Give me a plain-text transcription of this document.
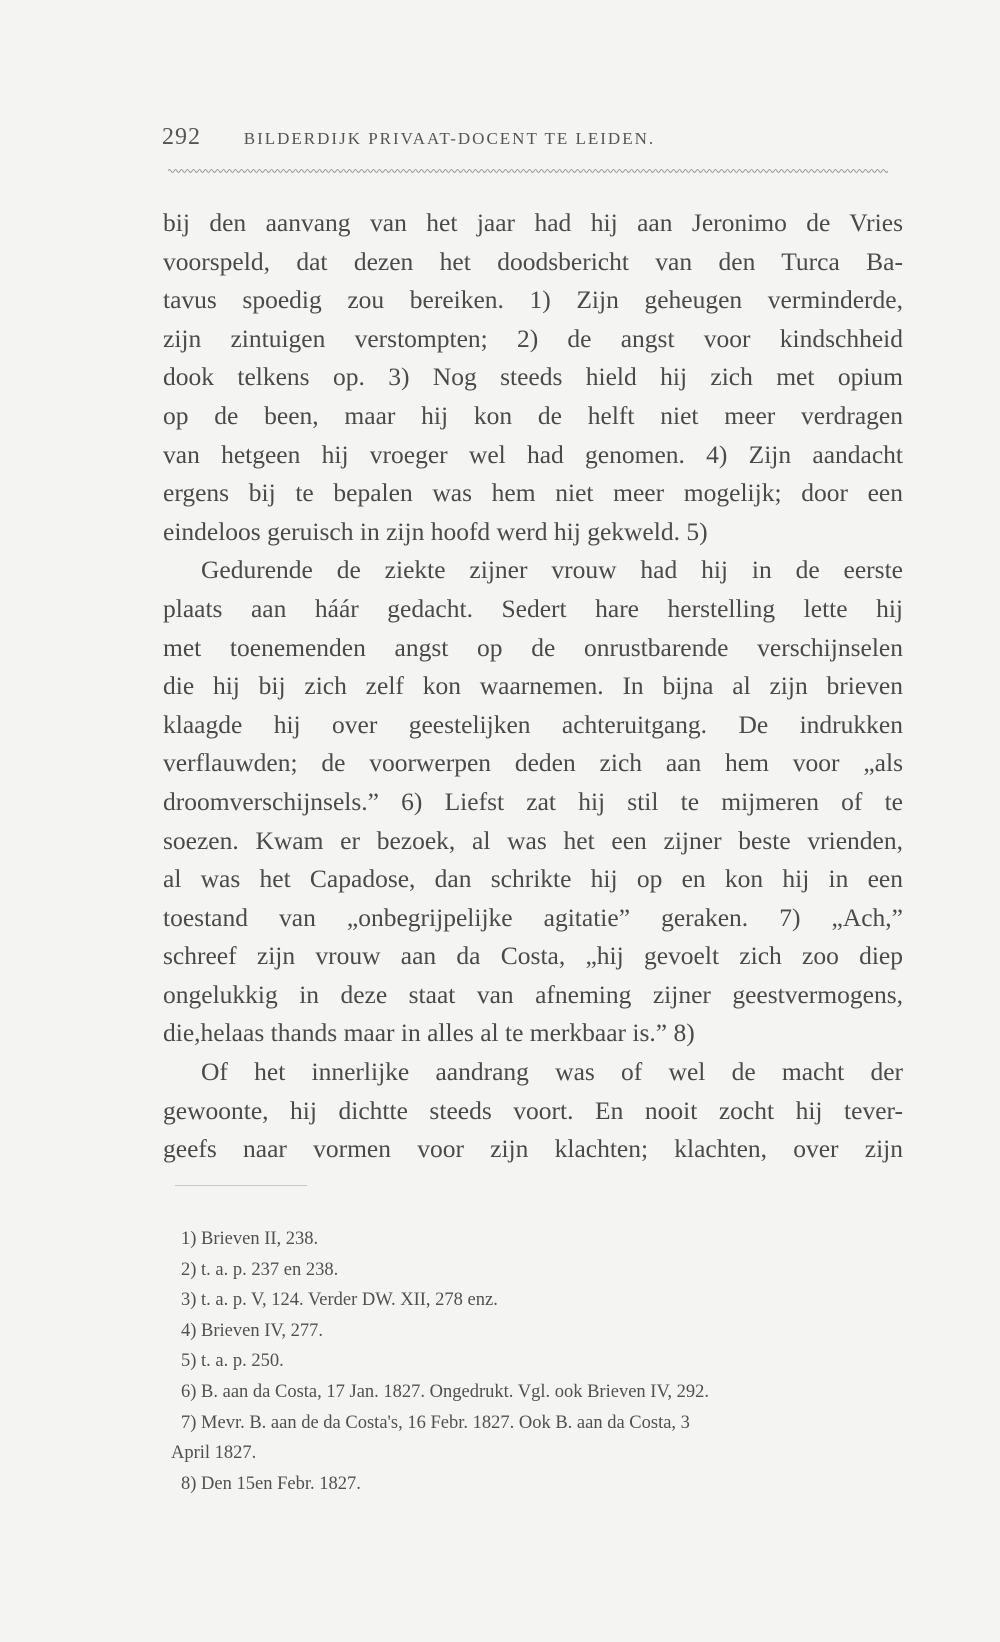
292	BILDERDIJK PRIVAAT-DOCENT TE LEIDEN.
bij den aanvang van het jaar had hij aan Jeronimo de Vries
voorspeld, dat dezen het doodsbericht van den Turca Ba-
tavus spoedig zou bereiken. 1) Zijn geheugen verminderde,
zijn zintuigen verstompten; 2) de angst voor kindschheid
dook telkens op. 3) Nog steeds hield hij zich met opium
op de been, maar hij kon de helft niet meer verdragen
van hetgeen hij vroeger wel had genomen. 4) Zijn aandacht
ergens bij te bepalen was hem niet meer mogelijk; door een
eindeloos geruisch in zijn hoofd werd hij gekweld. 5)
Gedurende de ziekte zijner vrouw had hij in de eerste
plaats aan háár gedacht. Sedert hare herstelling lette hij
met toenemenden angst op de onrustbarende verschijnselen
die hij bij zich zelf kon waarnemen. In bijna al zijn brieven
klaagde hij over geestelijken achteruitgang. De indrukken
verflauwden; de voorwerpen deden zich aan hem voor „als
droomverschijnsels.” 6) Liefst zat hij stil te mijmeren of te
soezen. Kwam er bezoek, al was het een zijner beste vrienden,
al was het Capadose, dan schrikte hij op en kon hij in een
toestand van „onbegrijpelijke agitatie” geraken. 7) „Ach,”
schreef zijn vrouw aan da Costa, „hij gevoelt zich zoo diep
ongelukkig in deze staat van afneming zijner geestvermogens,
die,helaas thands maar in alles al te merkbaar is.” 8)
Of het innerlijke aandrang was of wel de macht der
gewoonte, hij dichtte steeds voort. En nooit zocht hij tever-
geefs naar vormen voor zijn klachten; klachten, over zijn
1) Brieven II, 238.
2) t. a. p. 237 en 238.
3) t. a. p. V, 124. Verder DW. XII, 278 enz.
4) Brieven IV, 277.
5) t. a. p. 250.
6) B. aan da Costa, 17 Jan. 1827. Ongedrukt. Vgl. ook Brieven IV, 292.
7) Mevr. B. aan de da Costa's, 16 Febr. 1827. Ook B. aan da Costa, 3
April 1827.
8) Den 15en Febr. 1827.
